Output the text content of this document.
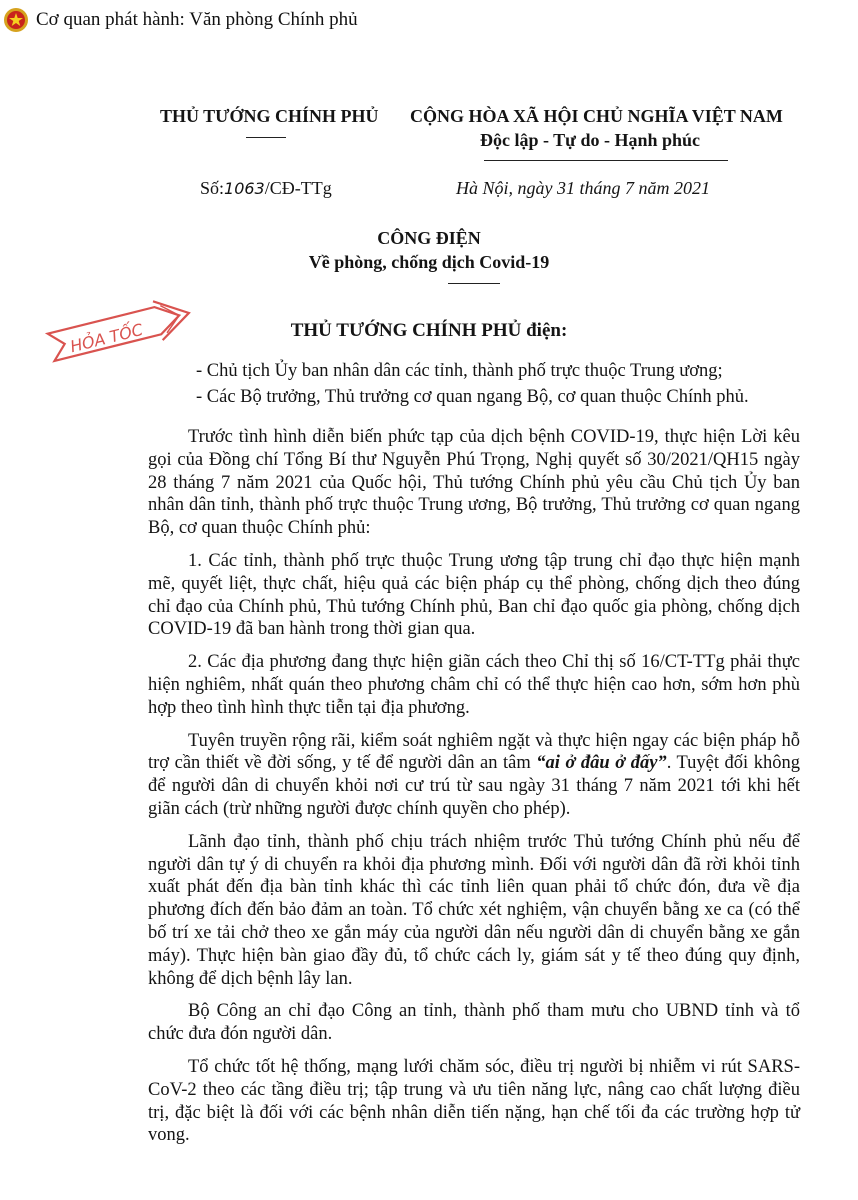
Cơ quan phát hành: Văn phòng Chính phủ
THỦ TƯỚNG CHÍNH PHỦ CỘNG HÒA XÃ HỘI CHỦ NGHĨA VIỆT NAM
Độc lập - Tự do - Hạnh phúc
Số:1063/CĐ-TTg	Hà Nội, ngày 31 tháng 7 năm 2021
CÔNG ĐIỆN
Về phòng, chống dịch Covid-19
HỎA TỐC	THỦ TƯỚNG CHÍNH PHỦ điện:
- Chủ tịch Ủy ban nhân dân các tỉnh, thành phố trực thuộc Trung ương;
- Các Bộ trưởng, Thủ trưởng cơ quan ngang Bộ, cơ quan thuộc Chính phủ.

Trước tình hình diễn biến phức tạp của dịch bệnh COVID-19, thực hiện Lời kêu gọi của Đồng chí Tổng Bí thư Nguyễn Phú Trọng, Nghị quyết số 30/2021/QH15 ngày 28 tháng 7 năm 2021 của Quốc hội, Thủ tướng Chính phủ yêu cầu Chủ tịch Ủy ban nhân dân tỉnh, thành phố trực thuộc Trung ương, Bộ trưởng, Thủ trưởng cơ quan ngang Bộ, cơ quan thuộc Chính phủ:

1. Các tỉnh, thành phố trực thuộc Trung ương tập trung chỉ đạo thực hiện mạnh mẽ, quyết liệt, thực chất, hiệu quả các biện pháp cụ thể phòng, chống dịch theo đúng chỉ đạo của Chính phủ, Thủ tướng Chính phủ, Ban chỉ đạo quốc gia phòng, chống dịch COVID-19 đã ban hành trong thời gian qua.

2. Các địa phương đang thực hiện giãn cách theo Chỉ thị số 16/CT-TTg phải thực hiện nghiêm, nhất quán theo phương châm chỉ có thể thực hiện cao hơn, sớm hơn phù hợp theo tình hình thực tiễn tại địa phương.

Tuyên truyền rộng rãi, kiểm soát nghiêm ngặt và thực hiện ngay các biện pháp hỗ trợ cần thiết về đời sống, y tế để người dân an tâm “ai ở đâu ở đấy”. Tuyệt đối không để người dân di chuyển khỏi nơi cư trú từ sau ngày 31 tháng 7 năm 2021 tới khi hết giãn cách (trừ những người được chính quyền cho phép).

Lãnh đạo tỉnh, thành phố chịu trách nhiệm trước Thủ tướng Chính phủ nếu để người dân tự ý di chuyển ra khỏi địa phương mình. Đối với người dân đã rời khỏi tỉnh xuất phát đến địa bàn tỉnh khác thì các tỉnh liên quan phải tổ chức đón, đưa về địa phương đích đến bảo đảm an toàn. Tổ chức xét nghiệm, vận chuyển bằng xe ca (có thể bố trí xe tải chở theo xe gắn máy của người dân nếu người dân di chuyển bằng xe gắn máy). Thực hiện bàn giao đầy đủ, tổ chức cách ly, giám sát y tế theo đúng quy định, không để dịch bệnh lây lan.

Bộ Công an chỉ đạo Công an tỉnh, thành phố tham mưu cho UBND tỉnh và tổ chức đưa đón người dân.

Tổ chức tốt hệ thống, mạng lưới chăm sóc, điều trị người bị nhiễm vi rút SARS-CoV-2 theo các tầng điều trị; tập trung và ưu tiên năng lực, nâng cao chất lượng điều trị, đặc biệt là đối với các bệnh nhân diễn tiến nặng, hạn chế tối đa các trường hợp tử vong.
